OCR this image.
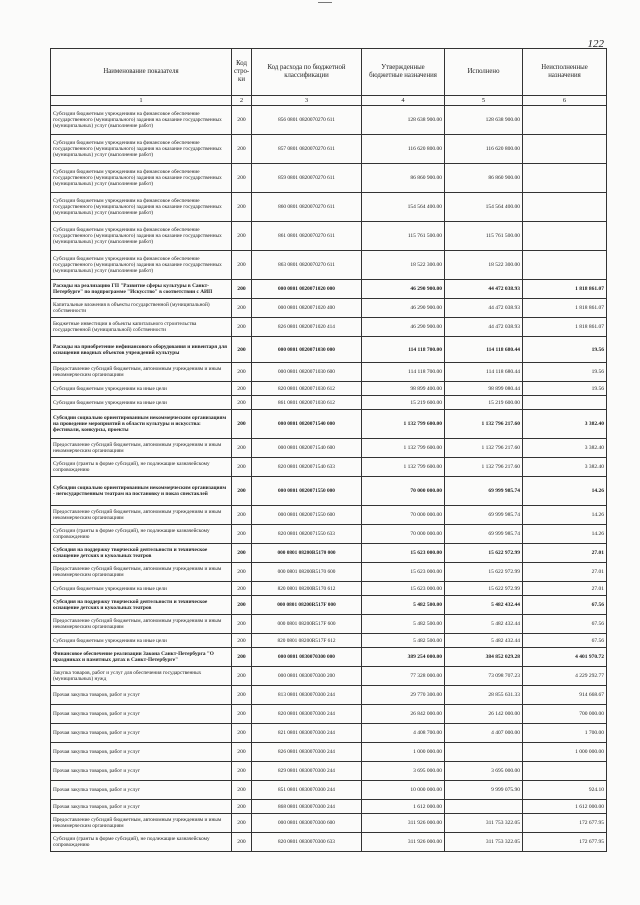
122
Наименование показателя	Код стро-ки	Код расхода по бюджетной классификации	Утвержденные бюджетные назначения	Исполнено	Неисполненные назначения
1	2	3	4	5	6
Субсидии бюджетным учреждениям на финансовое обеспечение государственного (муниципального) задания на оказание государственных (муниципальных) услуг (выполнение работ)	200	856 0801 0820070270 611	128 638 900.00	128 638 900.00	
Субсидии бюджетным учреждениям на финансовое обеспечение государственного (муниципального) задания на оказание государственных (муниципальных) услуг (выполнение работ)	200	857 0801 0820070270 611	116 620 800.00	116 620 800.00	
Субсидии бюджетным учреждениям на финансовое обеспечение государственного (муниципального) задания на оказание государственных (муниципальных) услуг (выполнение работ)	200	859 0801 0820070270 611	86 860 900.00	86 860 900.00	
Субсидии бюджетным учреждениям на финансовое обеспечение государственного (муниципального) задания на оказание государственных (муниципальных) услуг (выполнение работ)	200	860 0801 0820070270 611	154 564 400.00	154 564 400.00	
Субсидии бюджетным учреждениям на финансовое обеспечение государственного (муниципального) задания на оказание государственных (муниципальных) услуг (выполнение работ)	200	861 0801 0820070270 611	115 761 500.00	115 761 500.00	
Субсидии бюджетным учреждениям на финансовое обеспечение государственного (муниципального) задания на оказание государственных (муниципальных) услуг (выполнение работ)	200	863 0801 0820070270 611	18 522 300.00	18 522 300.00	
Расходы на реализацию ГП "Развитие сферы культуры в Санкт-Петербурге" по подпрограмме "Искусство" в соответствии с АИП	200	000 0801 0820071020 000	46 290 900.00	44 472 038.93	1 818 861.07
Капитальные вложения в объекты государственной (муниципальной) собственности	200	000 0801 0820071020 400	46 290 900.00	44 472 038.93	1 818 861.07
Бюджетные инвестиции в объекты капитального строительства государственной (муниципальной) собственности	200	826 0801 0820071020 414	46 290 900.00	44 472 038.93	1 818 861.07
Расходы на приобретение нефинансового оборудования и инвентаря для оснащения вводных объектов учреждений культуры	200	000 0801 0820071030 000	114 118 700.00	114 118 680.44	19.56
Предоставление субсидий бюджетным, автономным учреждениям и иным некоммерческим организациям	200	000 0801 0820071030 600	114 118 700.00	114 118 680.44	19.56
Субсидии бюджетным учреждениям на иные цели	200	820 0801 0820071030 612	98 899 400.00	98 899 080.44	19.56
Субсидии бюджетным учреждениям на иные цели	200	861 0801 0820071030 612	15 219 600.00	15 219 600.00	
Субсидии социально ориентированным некоммерческим организациям на проведение мероприятий в области культуры и искусства: фестивали, конкурсы, проекты	200	000 0801 0820071540 000	1 132 799 600.00	1 132 796 217.60	3 382.40
Предоставление субсидий бюджетным, автономным учреждениям и иным некоммерческим организациям	200	000 0801 0820071540 600	1 132 799 600.00	1 132 796 217.60	3 382.40
Субсидии (гранты в форме субсидий), не подлежащие казначейскому сопровождению	200	820 0801 0820071540 633	1 132 799 600.00	1 132 796 217.60	3 382.40
Субсидии социально ориентированным некоммерческим организациям - негосударственным театрам на постановку и показ спектаклей	200	000 0801 0820071550 000	70 000 000.00	69 999 985.74	14.26
Предоставление субсидий бюджетным, автономным учреждениям и иным некоммерческим организациям	200	000 0801 0820071550 600	70 000 000.00	69 999 985.74	14.26
Субсидии (гранты в форме субсидий), не подлежащие казначейскому сопровождению	200	820 0801 0820071550 633	70 000 000.00	69 999 985.74	14.26
Субсидия на поддержку творческой деятельности и техническое оснащение детских и кукольных театров	200	000 0801 08200R5170 000	15 623 000.00	15 622 972.99	27.01
Предоставление субсидий бюджетным, автономным учреждениям и иным некоммерческим организациям	200	000 0801 08200R5170 600	15 623 000.00	15 622 972.99	27.01
Субсидии бюджетным учреждениям на иные цели	200	820 0801 08200R5170 612	15 623 000.00	15 622 972.99	27.01
Субсидия на поддержку творческой деятельности и техническое оснащение детских и кукольных театров	200	000 0801 08200R517F 000	5 482 500.00	5 482 432.44	67.56
Предоставление субсидий бюджетным, автономным учреждениям и иным некоммерческим организациям	200	000 0801 08200R517F 600	5 482 500.00	5 482 432.44	67.56
Субсидии бюджетным учреждениям на иные цели	200	820 0801 08200R517F 612	5 482 500.00	5 482 432.44	67.56
Финансовое обеспечение реализации Закона Санкт-Петербурга "О праздниках и памятных датах в Санкт-Петербурге"	200	000 0801 0830070300 000	389 254 000.00	384 852 029.28	4 401 970.72
Закупка товаров, работ и услуг для обеспечения государственных (муниципальных) нужд	200	000 0801 0830070300 200	77 328 000.00	73 098 707.23	4 229 292.77
Прочая закупка товаров, работ и услуг	200	813 0801 0830070300 244	29 770 300.00	28 855 631.33	914 668.67
Прочая закупка товаров, работ и услуг	200	820 0801 0830070300 244	26 842 000.00	26 142 000.00	700 000.00
Прочая закупка товаров, работ и услуг	200	821 0801 0830070300 244	4 408 700.00	4 407 000.00	1 700.00
Прочая закупка товаров, работ и услуг	200	826 0801 0830070300 244	1 000 000.00		1 000 000.00
Прочая закупка товаров, работ и услуг	200	829 0801 0830070300 244	3 695 000.00	3 695 000.00	
Прочая закупка товаров, работ и услуг	200	851 0801 0830070300 244	10 000 000.00	9 999 075.90	924.10
Прочая закупка товаров, работ и услуг	200	868 0801 0830070300 244	1 612 000.00		1 612 000.00
Предоставление субсидий бюджетным, автономным учреждениям и иным некоммерческим организациям	200	000 0801 0830070300 600	311 926 000.00	311 753 322.05	172 677.95
Субсидии (гранты в форме субсидий), не подлежащие казначейскому сопровождению	200	820 0801 0830070300 633	311 926 000.00	311 753 322.05	172 677.95
